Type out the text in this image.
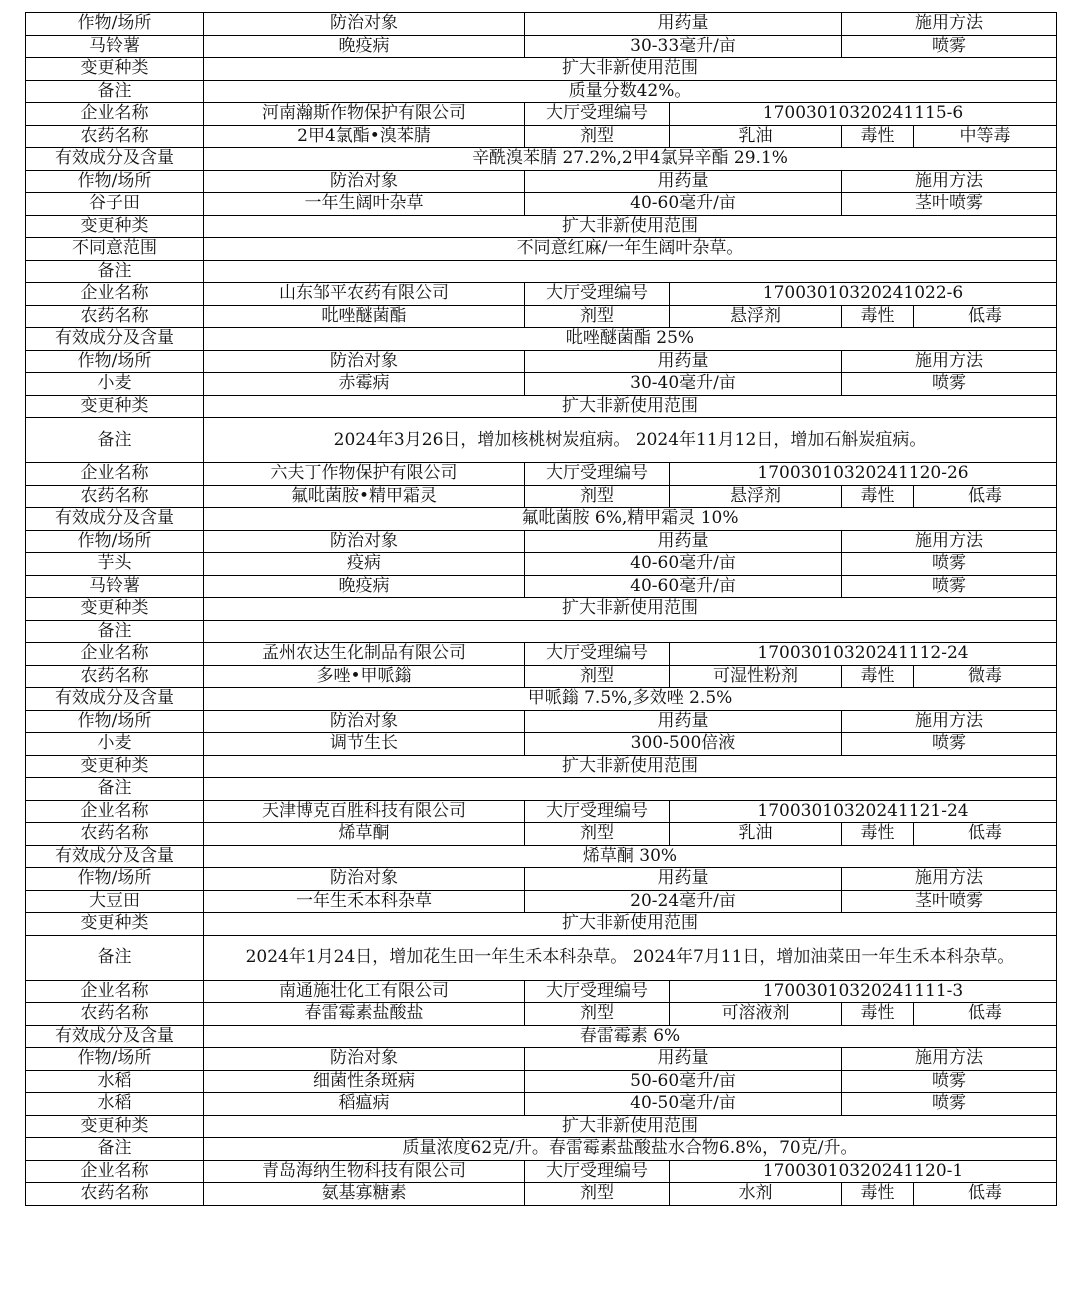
作物/场所	防治对象	用药量		施用方法	
马铃薯	晚疫病	30-33毫升/亩		喷雾	
变更种类	扩大非新使用范围				
备注	质量分数42%。				
企业名称	河南瀚斯作物保护有限公司	大厅受理编号	17003010320241115-6		
农药名称	2甲4氯酯•溴苯腈	剂型	乳油	毒性	中等毒
有效成分及含量	辛酰溴苯腈 27.2%,2甲4氯异辛酯 29.1%				
作物/场所	防治对象	用药量		施用方法	
谷子田	一年生阔叶杂草	40-60毫升/亩		茎叶喷雾	
变更种类	扩大非新使用范围				
不同意范围	不同意红麻/一年生阔叶杂草。				
备注					
企业名称	山东邹平农药有限公司	大厅受理编号	17003010320241022-6		
农药名称	吡唑醚菌酯	剂型	悬浮剂	毒性	低毒
有效成分及含量	吡唑醚菌酯 25%				
作物/场所	防治对象	用药量		施用方法	
小麦	赤霉病	30-40毫升/亩		喷雾	
变更种类	扩大非新使用范围				
备注	2024年3月26日，增加核桃树炭疽病。 2024年11月12日，增加石斛炭疽病。				
企业名称	六夫丁作物保护有限公司	大厅受理编号	17003010320241120-26		
农药名称	氟吡菌胺•精甲霜灵	剂型	悬浮剂	毒性	低毒
有效成分及含量	氟吡菌胺 6%,精甲霜灵 10%				
作物/场所	防治对象	用药量		施用方法	
芋头	疫病	40-60毫升/亩		喷雾	
马铃薯	晚疫病	40-60毫升/亩		喷雾	
变更种类	扩大非新使用范围				
备注					
企业名称	孟州农达生化制品有限公司	大厅受理编号	17003010320241112-24		
农药名称	多唑•甲哌鎓	剂型	可湿性粉剂	毒性	微毒
有效成分及含量	甲哌鎓 7.5%,多效唑 2.5%				
作物/场所	防治对象	用药量		施用方法	
小麦	调节生长	300-500倍液		喷雾	
变更种类	扩大非新使用范围				
备注					
企业名称	天津博克百胜科技有限公司	大厅受理编号	17003010320241121-24		
农药名称	烯草酮	剂型	乳油	毒性	低毒
有效成分及含量	烯草酮 30%				
作物/场所	防治对象	用药量		施用方法	
大豆田	一年生禾本科杂草	20-24毫升/亩		茎叶喷雾	
变更种类	扩大非新使用范围				
备注	2024年1月24日，增加花生田一年生禾本科杂草。 2024年7月11日，增加油菜田一年生禾本科杂草。				
企业名称	南通施壮化工有限公司	大厅受理编号	17003010320241111-3		
农药名称	春雷霉素盐酸盐	剂型	可溶液剂	毒性	低毒
有效成分及含量	春雷霉素 6%				
作物/场所	防治对象	用药量		施用方法	
水稻	细菌性条斑病	50-60毫升/亩		喷雾	
水稻	稻瘟病	40-50毫升/亩		喷雾	
变更种类	扩大非新使用范围				
备注	质量浓度62克/升。春雷霉素盐酸盐水合物6.8%，70克/升。				
企业名称	青岛海纳生物科技有限公司	大厅受理编号	17003010320241120-1		
农药名称	氨基寡糖素	剂型	水剂	毒性	低毒
